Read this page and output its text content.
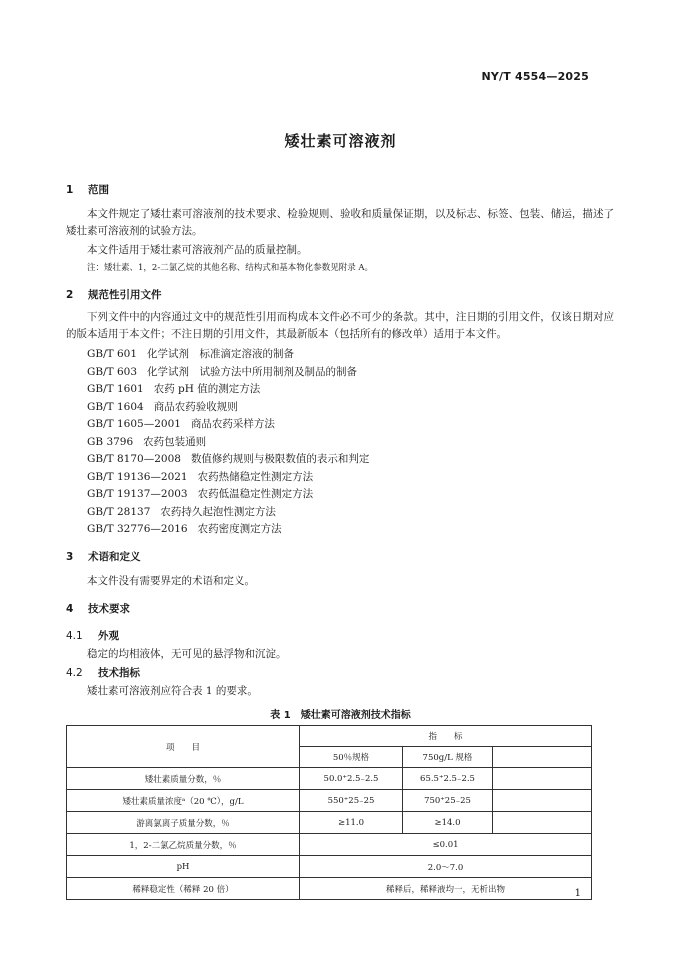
NY/T 4554—2025
矮壮素可溶液剂
1 范围
本文件规定了矮壮素可溶液剂的技术要求、检验规则、验收和质量保证期，以及标志、标签、包装、储运，描述了矮壮素可溶液剂的试验方法。
本文件适用于矮壮素可溶液剂产品的质量控制。
注：矮壮素、1，2-二氯乙烷的其他名称、结构式和基本物化参数见附录 A。
2 规范性引用文件
下列文件中的内容通过文中的规范性引用而构成本文件必不可少的条款。其中，注日期的引用文件，仅该日期对应的版本适用于本文件；不注日期的引用文件，其最新版本（包括所有的修改单）适用于本文件。
GB/T 601 化学试剂　标准滴定溶液的制备
GB/T 603 化学试剂　试验方法中所用制剂及制品的制备
GB/T 1601 农药 pH 值的测定方法
GB/T 1604 商品农药验收规则
GB/T 1605—2001 商品农药采样方法
GB 3796 农药包装通则
GB/T 8170—2008 数值修约规则与极限数值的表示和判定
GB/T 19136—2021 农药热储稳定性测定方法
GB/T 19137—2003 农药低温稳定性测定方法
GB/T 28137 农药持久起泡性测定方法
GB/T 32776—2016 农药密度测定方法
3 术语和定义
本文件没有需要界定的术语和定义。
4 技术要求
4.1 外观
稳定的均相液体，无可见的悬浮物和沉淀。
4.2 技术指标
矮壮素可溶液剂应符合表 1 的要求。
表 1　矮壮素可溶液剂技术指标
项　　目	指　　标		
	50％规格	750g/L 规格	
矮壮素质量分数，％	50.0⁺2.5₋2.5	65.5⁺2.5₋2.5	
矮壮素质量浓度ᵃ（20 ℃），g/L	550⁺25₋25	750⁺25₋25	
游离氯离子质量分数，％	≥11.0	≥14.0	
1，2-二氯乙烷质量分数，％	≤0.01		
pH	2.0～7.0		
稀释稳定性（稀释 20 倍）	稀释后，稀释液均一，无析出物			1
